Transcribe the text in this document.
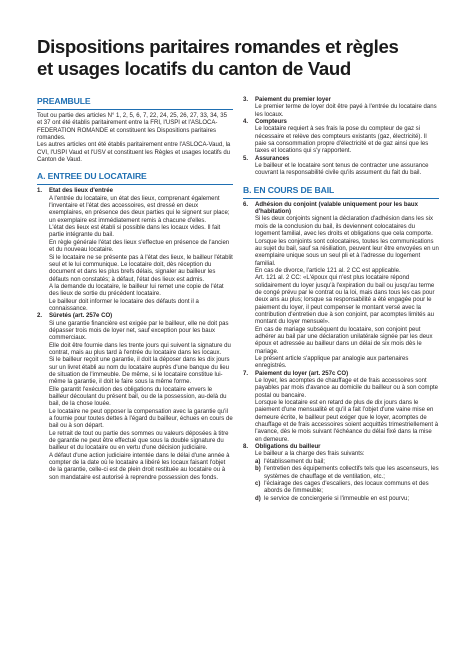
Dispositions paritaires romandes et règles
et usages locatifs du canton de Vaud
PREAMBULE
Tout ou partie des articles N° 1, 2, 5, 6, 7, 22, 24, 25, 26, 27, 33, 34, 35 et 37 ont été établis paritairement entre la FRI, l'USPI et l'ASLOCA-FEDERATION ROMANDE et constituent les Dispositions paritaires romandes.
Les autres articles ont été établis paritairement entre l'ASLOCA-Vaud, la CVI, l'USPI Vaud et l'USV et constituent les Règles et usages locatifs du Canton de Vaud.
A. ENTREE DU LOCATAIRE
1.	Etat des lieux d'entrée
A l'entrée du locataire, un état des lieux, comprenant également l'inventaire et l'état des accessoires, est dressé en deux exemplaires, en présence des deux parties qui le signent sur place; un exemplaire est immédiatement remis à chacune d'elles.
L'état des lieux est établi si possible dans les locaux vides. Il fait partie intégrante du bail.
En règle générale l'état des lieux s'effectue en présence de l'ancien et du nouveau locataire.
Si le locataire ne se présente pas à l'état des lieux, le bailleur l'établit seul et le lui communique. Le locataire doit, dès réception du document et dans les plus brefs délais, signaler au bailleur les défauts non constatés; à défaut, l'état des lieux est admis.
A la demande du locataire, le bailleur lui remet une copie de l'état des lieux de sortie du précédent locataire.
Le bailleur doit informer le locataire des défauts dont il a connaissance.
2.	Sûretés (art. 257e CO)
Si une garantie financière est exigée par le bailleur, elle ne doit pas dépasser trois mois de loyer net, sauf exception pour les baux commerciaux.
Elle doit être fournie dans les trente jours qui suivent la signature du contrat, mais au plus tard à l'entrée du locataire dans les locaux.
Si le bailleur reçoit une garantie, il doit la déposer dans les dix jours sur un livret établi au nom du locataire auprès d'une banque du lieu de situation de l'immeuble. De même, si le locataire constitue lui-même la garantie, il doit le faire sous la même forme.
Elle garantit l'exécution des obligations du locataire envers le bailleur découlant du présent bail, ou de la possession, au-delà du bail, de la chose louée.
Le locataire ne peut opposer la compensation avec la garantie qu'il a fournie pour toutes dettes à l'égard du bailleur, échues en cours de bail ou à son départ.
Le retrait de tout ou partie des sommes ou valeurs déposées à titre de garantie ne peut être effectué que sous la double signature du bailleur et du locataire ou en vertu d'une décision judiciaire.
A défaut d'une action judiciaire intentée dans le délai d'une année à compter de la date où le locataire a libéré les locaux faisant l'objet de la garantie, celle-ci est de plein droit restituée au locataire ou à son mandataire est autorisé à reprendre possession des fonds.
3.	Paiement du premier loyer
Le premier terme de loyer doit être payé à l'entrée du locataire dans les locaux.
4.	Compteurs
Le locataire requiert à ses frais la pose du compteur de gaz si nécessaire et relève des compteurs existants (gaz, électricité). Il paie sa consommation propre d'électricité et de gaz ainsi que les taxes et locations qui s'y rapportent.
5.	Assurances
Le bailleur et le locataire sont tenus de contracter une assurance couvrant la responsabilité civile qu'ils assument du fait du bail.
B. EN COURS DE BAIL
6.	Adhésion du conjoint (valable uniquement pour les baux d'habitation)
Si les deux conjoints signent la déclaration d'adhésion dans les six mois de la conclusion du bail, ils deviennent colocataires du logement familial, avec les droits et obligations que cela comporte.
Lorsque les conjoints sont colocataires, toutes les communications au sujet du bail, sauf sa résiliation, peuvent leur être envoyées en un exemplaire unique sous un seul pli et à l'adresse du logement familial.
En cas de divorce, l'article 121 al. 2 CC est applicable.
Art. 121 al. 2 CC: «L'époux qui n'est plus locataire répond solidairement du loyer jusqu'à l'expiration du bail ou jusqu'au terme de congé prévu par le contrat ou la loi, mais dans tous les cas pour deux ans au plus; lorsque sa responsabilité a été engagée pour le paiement du loyer, il peut compenser le montant versé avec la contribution d'entretien due à son conjoint, par acomptes limités au montant du loyer mensuel».
En cas de mariage subséquent du locataire, son conjoint peut adhérer au bail par une déclaration unilatérale signée par les deux époux et adressée au bailleur dans un délai de six mois dès le mariage.
Le présent article s'applique par analogie aux partenaires enregistrés.
7.	Paiement du loyer (art. 257c CO)
Le loyer, les acomptes de chauffage et de frais accessoires sont payables par mois d'avance au domicile du bailleur ou à son compte postal ou bancaire.
Lorsque le locataire est en retard de plus de dix jours dans le paiement d'une mensualité et qu'il a fait l'objet d'une vaine mise en demeure écrite, le bailleur peut exiger que le loyer, acomptes de chauffage et de frais accessoires soient acquittés trimestriellement à l'avance, dès le mois suivant l'échéance du délai fixé dans la mise en demeure.
8.	Obligations du bailleur
Le bailleur a la charge des frais suivants:
a) l'établissement du bail;
b) l'entretien des équipements collectifs tels que les ascenseurs, les systèmes de chauffage et de ventilation, etc.;
c) l'éclairage des cages d'escaliers, des locaux communs et des abords de l'immeuble;
d) le service de conciergerie si l'immeuble en est pourvu;
